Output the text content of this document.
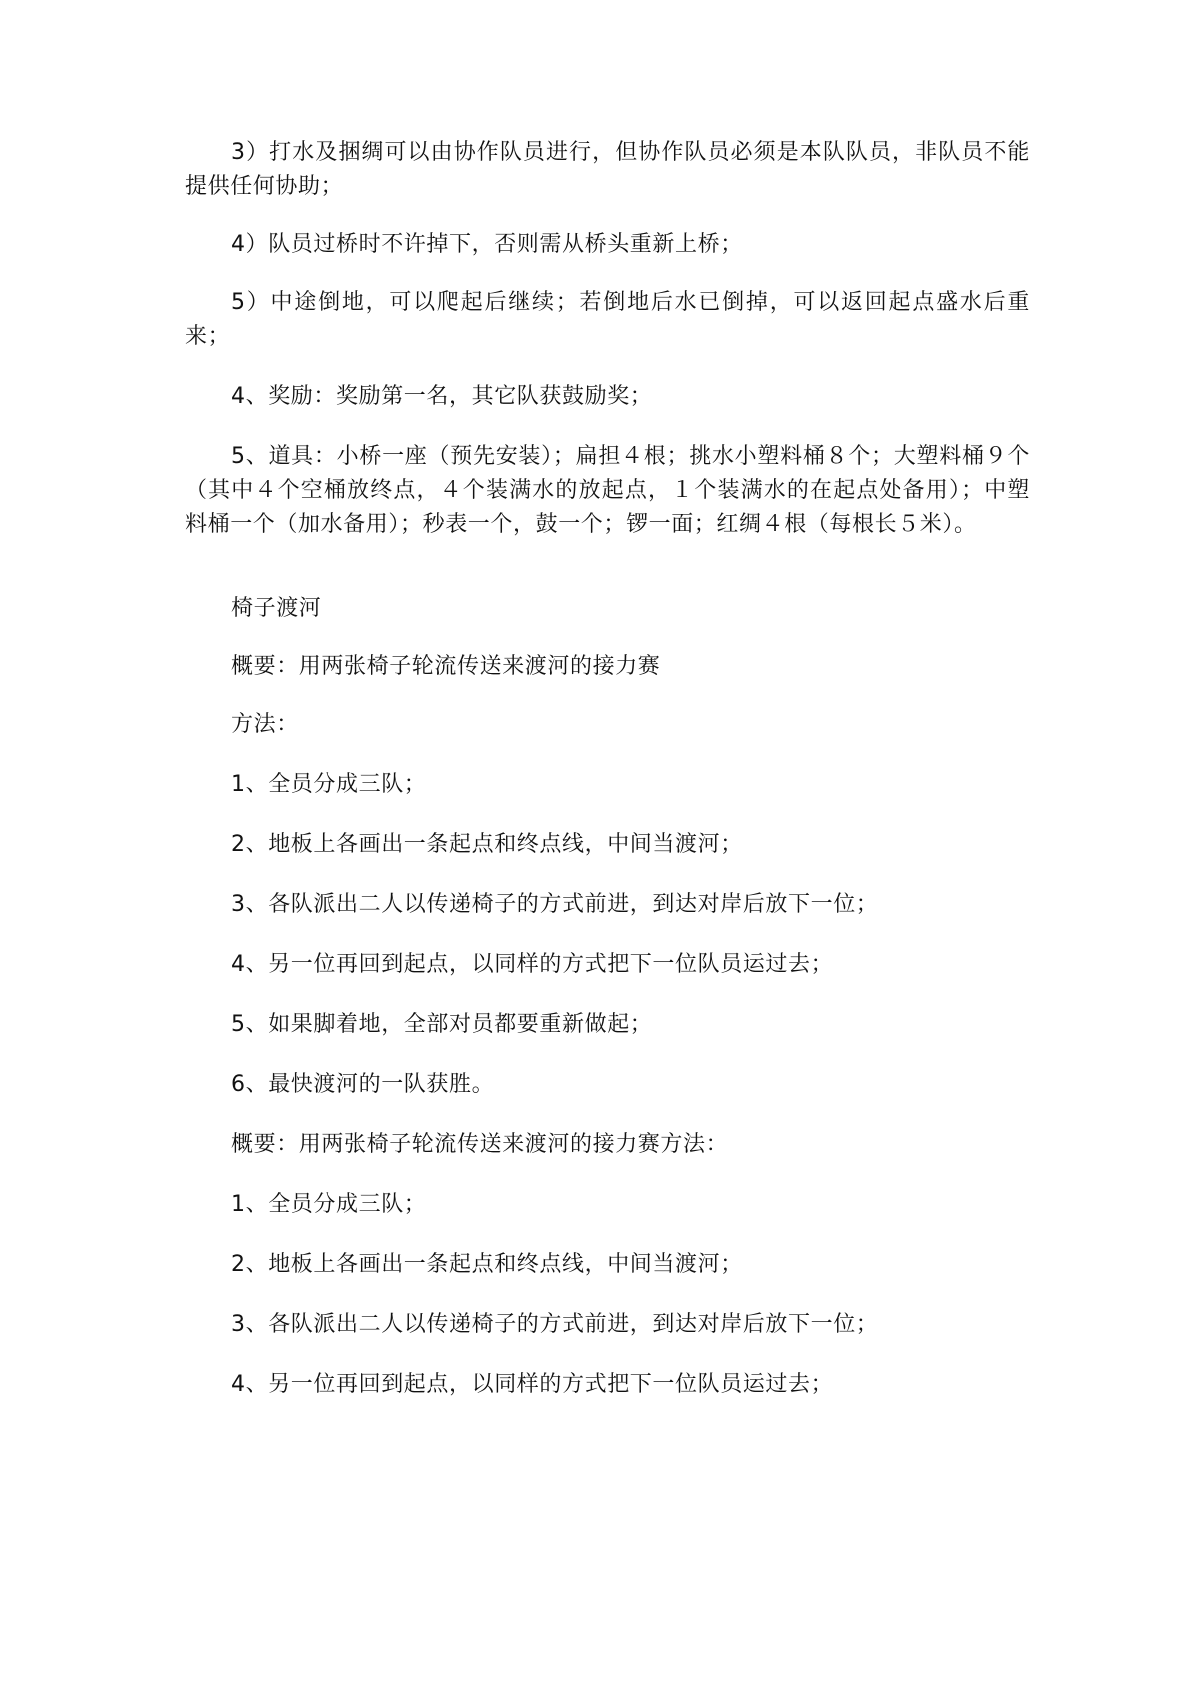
3）打水及捆绸可以由协作队员进行，但协作队员必须是本队队员，非队员不能提供任何协助；

4）队员过桥时不许掉下，否则需从桥头重新上桥；

5）中途倒地，可以爬起后继续；若倒地后水已倒掉，可以返回起点盛水后重来；

4、奖励：奖励第一名，其它队获鼓励奖；

5、道具：小桥一座（预先安装）；扁担４根；挑水小塑料桶８个；大塑料桶９个（其中４个空桶放终点，４个装满水的放起点，１个装满水的在起点处备用）；中塑料桶一个（加水备用）；秒表一个，鼓一个；锣一面；红绸４根（每根长５米）。

椅子渡河

概要：用两张椅子轮流传送来渡河的接力赛

方法：

1、全员分成三队；

2、地板上各画出一条起点和终点线，中间当渡河；

3、各队派出二人以传递椅子的方式前进，到达对岸后放下一位；

4、另一位再回到起点，以同样的方式把下一位队员运过去；

5、如果脚着地，全部对员都要重新做起；

6、最快渡河的一队获胜。

概要：用两张椅子轮流传送来渡河的接力赛方法：

1、全员分成三队；

2、地板上各画出一条起点和终点线，中间当渡河；

3、各队派出二人以传递椅子的方式前进，到达对岸后放下一位；

4、另一位再回到起点，以同样的方式把下一位队员运过去；
